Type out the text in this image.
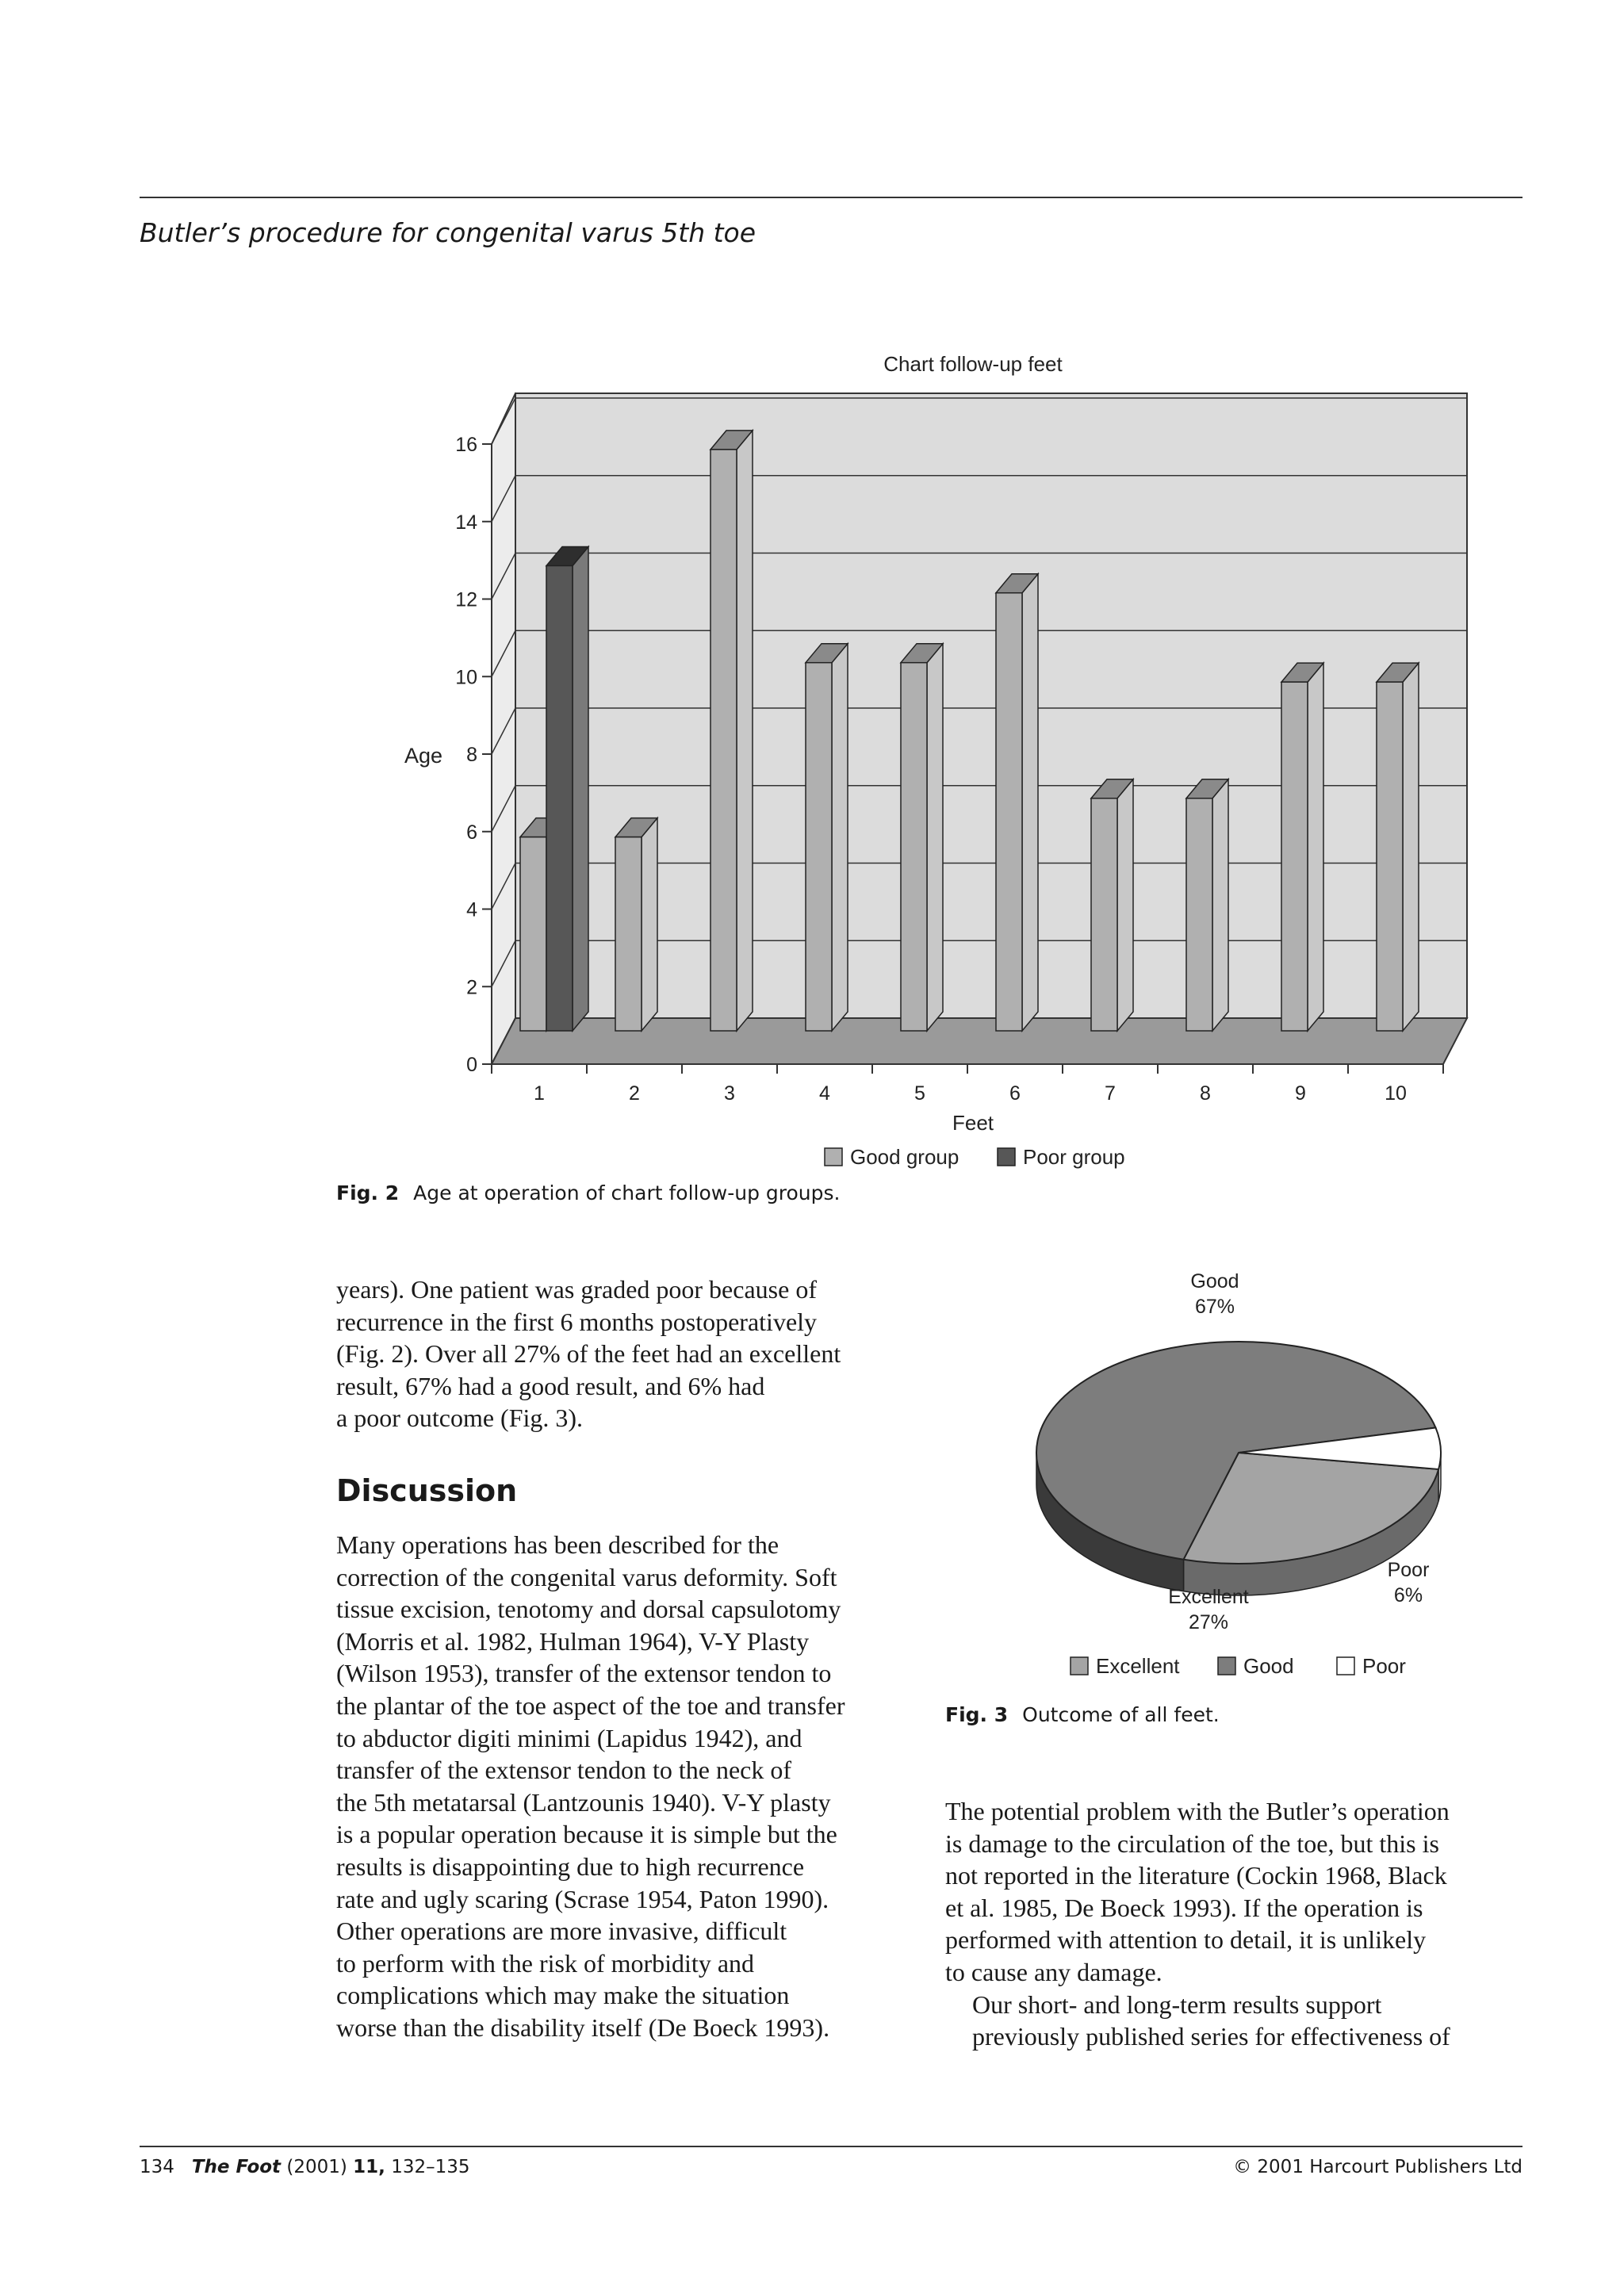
Butler’s procedure for congenital varus 5th toe
0
2
4
6
8
10
12
14
16
1	2	3	4	5	6	7	8	9	10
Chart follow-up feet
Age
Feet
Good group	Poor group
Fig. 2 Age at operation of chart follow-up groups.
Good
67%
Poor
6%
Excellent
27%
Excellent	Good	Poor
Fig. 3 Outcome of all feet.

years). One patient was graded poor because of
recurrence in the first 6 months postoperatively
(Fig. 2). Over all 27% of the feet had an excellent
result, 67% had a good result, and 6% had
a poor outcome (Fig. 3).

Discussion

Many operations has been described for the
correction of the congenital varus deformity. Soft
tissue excision, tenotomy and dorsal capsulotomy
(Morris et al. 1982, Hulman 1964), V-Y Plasty
(Wilson 1953), transfer of the extensor tendon to
the plantar of the toe aspect of the toe and transfer
to abductor digiti minimi (Lapidus 1942), and
transfer of the extensor tendon to the neck of
the 5th metatarsal (Lantzounis 1940). V-Y plasty
is a popular operation because it is simple but the
results is disappointing due to high recurrence
rate and ugly scaring (Scrase 1954, Paton 1990).
Other operations are more invasive, difficult
to perform with the risk of morbidity and
complications which may make the situation
worse than the disability itself (De Boeck 1993).

The potential problem with the Butler’s operation
is damage to the circulation of the toe, but this is
not reported in the literature (Cockin 1968, Black
et al. 1985, De Boeck 1993). If the operation is
performed with attention to detail, it is unlikely
to cause any damage.

Our short- and long-term results support
previously published series for effectiveness of

134 The Foot (2001) 11, 132–135	© 2001 Harcourt Publishers Ltd
